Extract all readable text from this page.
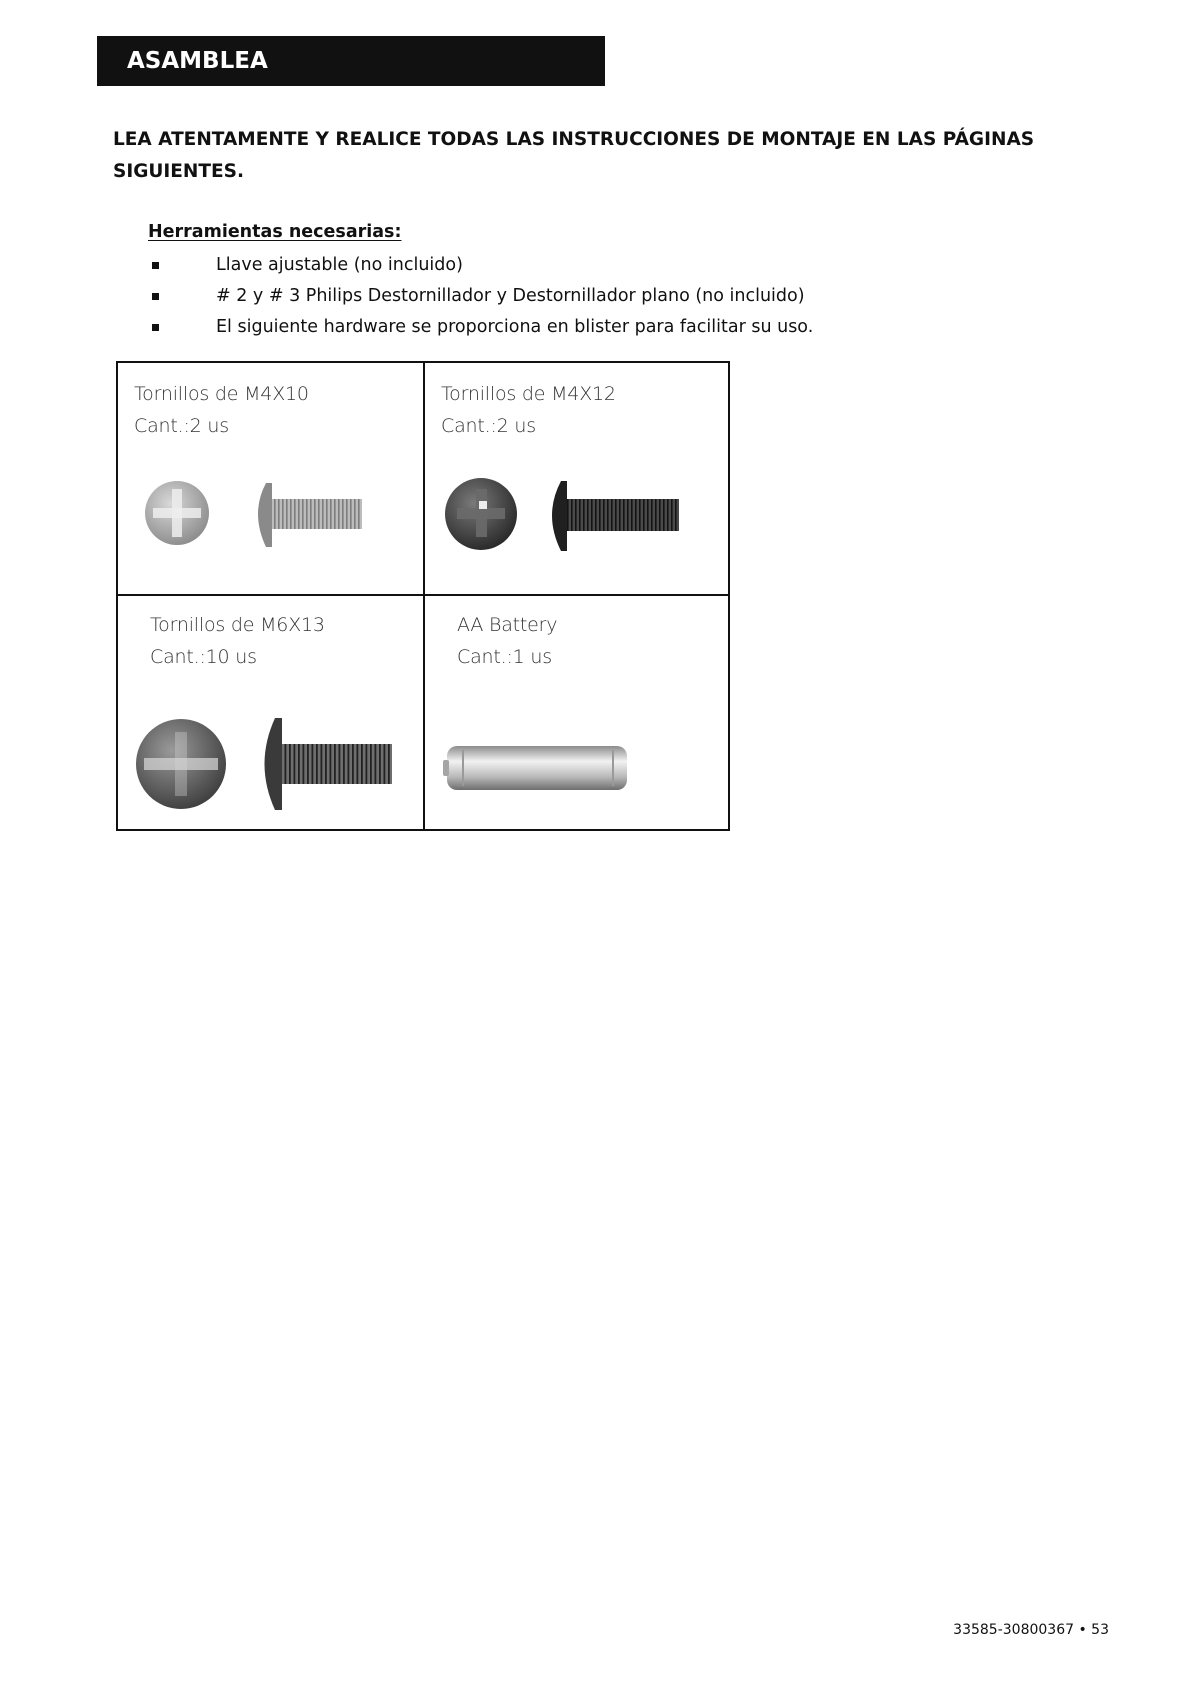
ASAMBLEA

LEA ATENTAMENTE Y REALICE TODAS LAS INSTRUCCIONES DE MONTAJE EN LAS PÁGINAS SIGUIENTES.

Herramientas necesarias:

Llave ajustable (no incluido)
# 2 y # 3 Philips Destornillador y Destornillador plano (no incluido)
El siguiente hardware se proporciona en blister para facilitar su uso.

Tornillos de M4X10

Cant.:2 us

Tornillos de M4X12

Cant.:2 us

Tornillos de M6X13

Cant.:10 us

AA Battery

Cant.:1 us

33585-30800367 • 53
